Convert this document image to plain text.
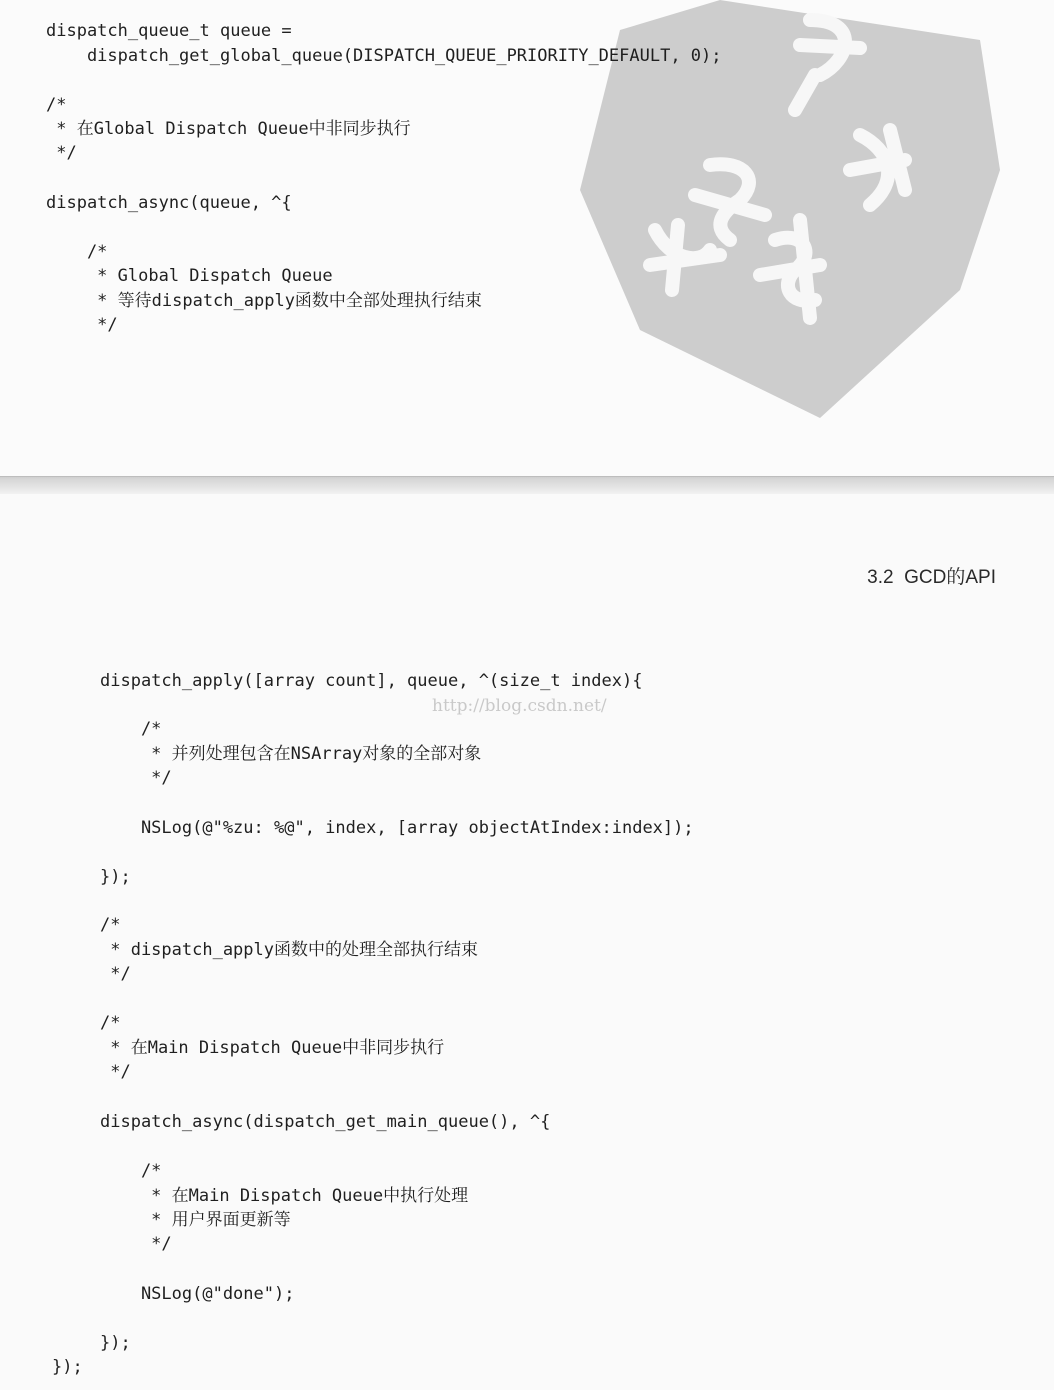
dispatch_queue_t queue =

dispatch_get_global_queue(DISPATCH_QUEUE_PRIORITY_DEFAULT, 0);

/*

* 在Global Dispatch Queue中非同步执行

*/

dispatch_async(queue, ^{

/*

* Global Dispatch Queue

* 等待dispatch_apply函数中全部处理执行结束

*/

3.2  GCD的API
http://blog.csdn.net/

dispatch_apply([array count], queue, ^(size_t index){

/*

* 并列处理包含在NSArray对象的全部对象

*/

NSLog(@"%zu: %@", index, [array objectAtIndex:index]);

});

/*

* dispatch_apply函数中的处理全部执行结束

*/

/*

* 在Main Dispatch Queue中非同步执行

*/

dispatch_async(dispatch_get_main_queue(), ^{

/*

* 在Main Dispatch Queue中执行处理

* 用户界面更新等

*/

NSLog(@"done");

});

});
